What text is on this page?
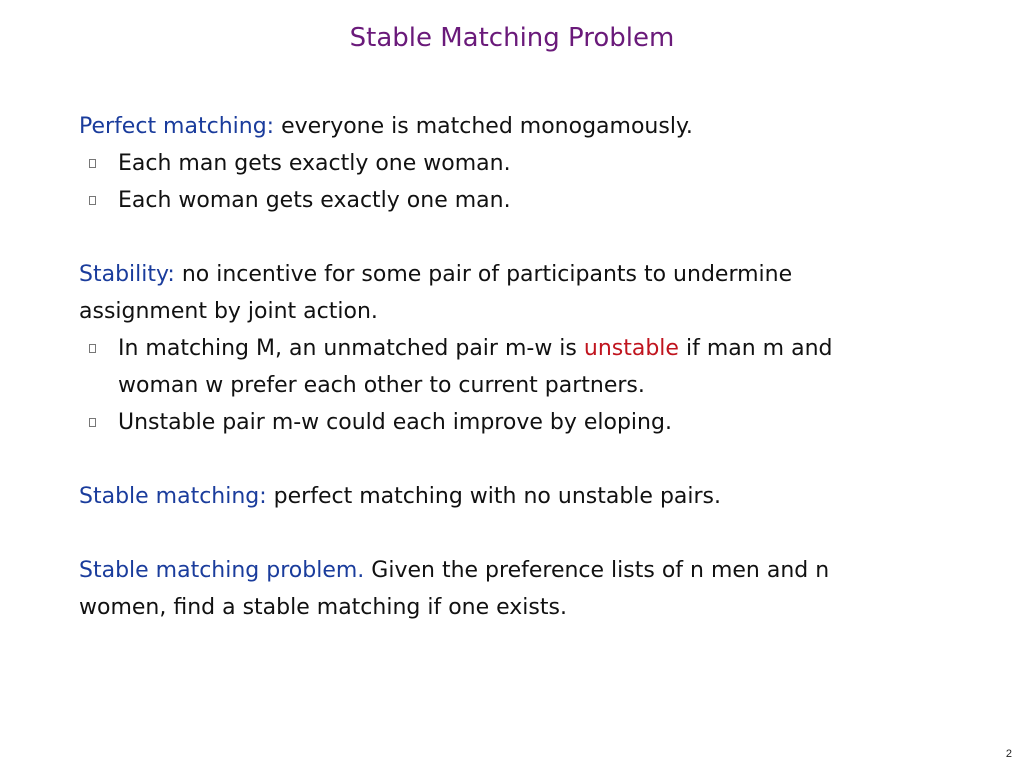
Stable Matching Problem
Perfect matching: everyone is matched monogamously.
Each man gets exactly one woman.
Each woman gets exactly one man.
Stability: no incentive for some pair of participants to undermine
assignment by joint action.
In matching M, an unmatched pair m-w is unstable if man m and
woman w prefer each other to current partners.
Unstable pair m-w could each improve by eloping.
Stable matching: perfect matching with no unstable pairs.
Stable matching problem. Given the preference lists of n men and n
women, find a stable matching if one exists.
2
